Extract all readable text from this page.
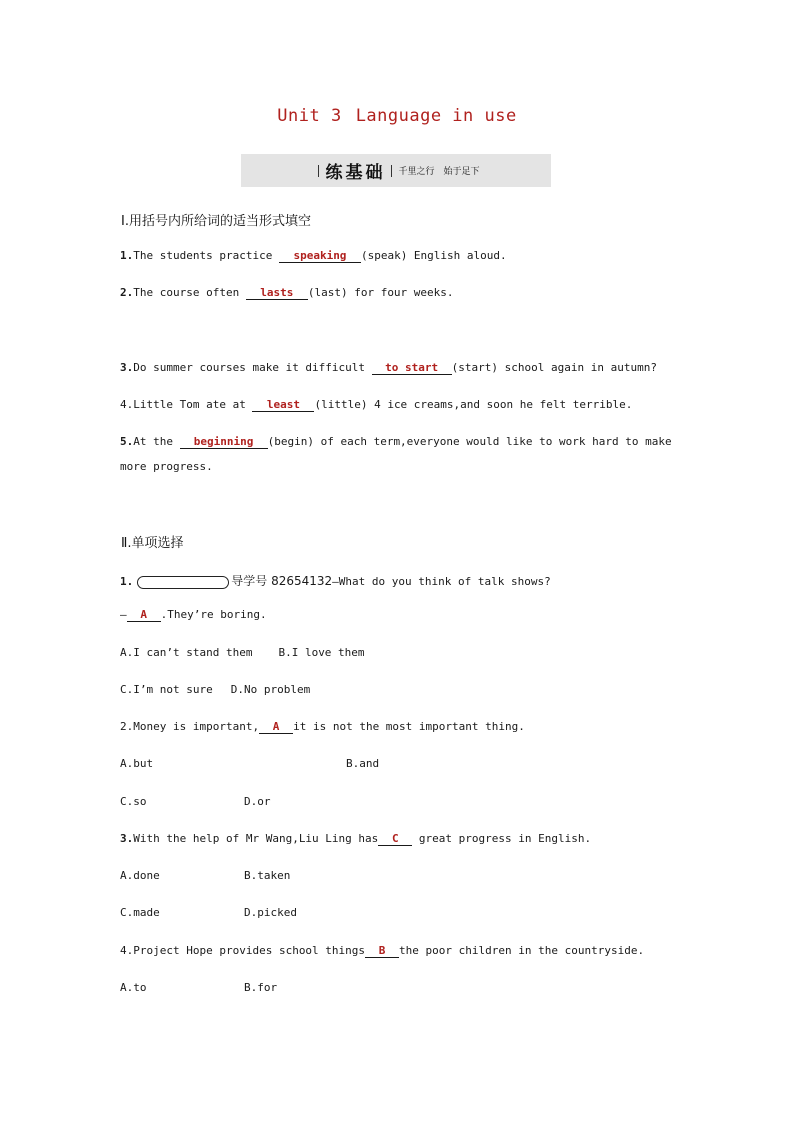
Unit 3 Language in use
练基础 千里之行　始于足下
Ⅰ.用括号内所给词的适当形式填空
1.The students practice speaking (speak) English aloud.
2.The course often lasts (last) for four weeks.
3.Do summer courses make it difficult to start (start) school again in autumn?
4.Little Tom ate at least (little) 4 ice creams,and soon he felt terrible.
5.At the beginning (begin) of each term,everyone would like to work hard to make
more progress.
Ⅱ.单项选择
1.	导学号 82654132—What do you think of talk shows?
— A .They’re boring.
A.I can’t stand them B.I love them
C.I’m not sure D.No problem
2.Money is important, A it is not the most important thing.
A.but	B.and
C.so	D.or
3.With the help of Mr Wang,Liu Ling has C great progress in English.
A.done	B.taken
C.made	D.picked
4.Project Hope provides school things B the poor children in the countryside.
A.to	B.for
